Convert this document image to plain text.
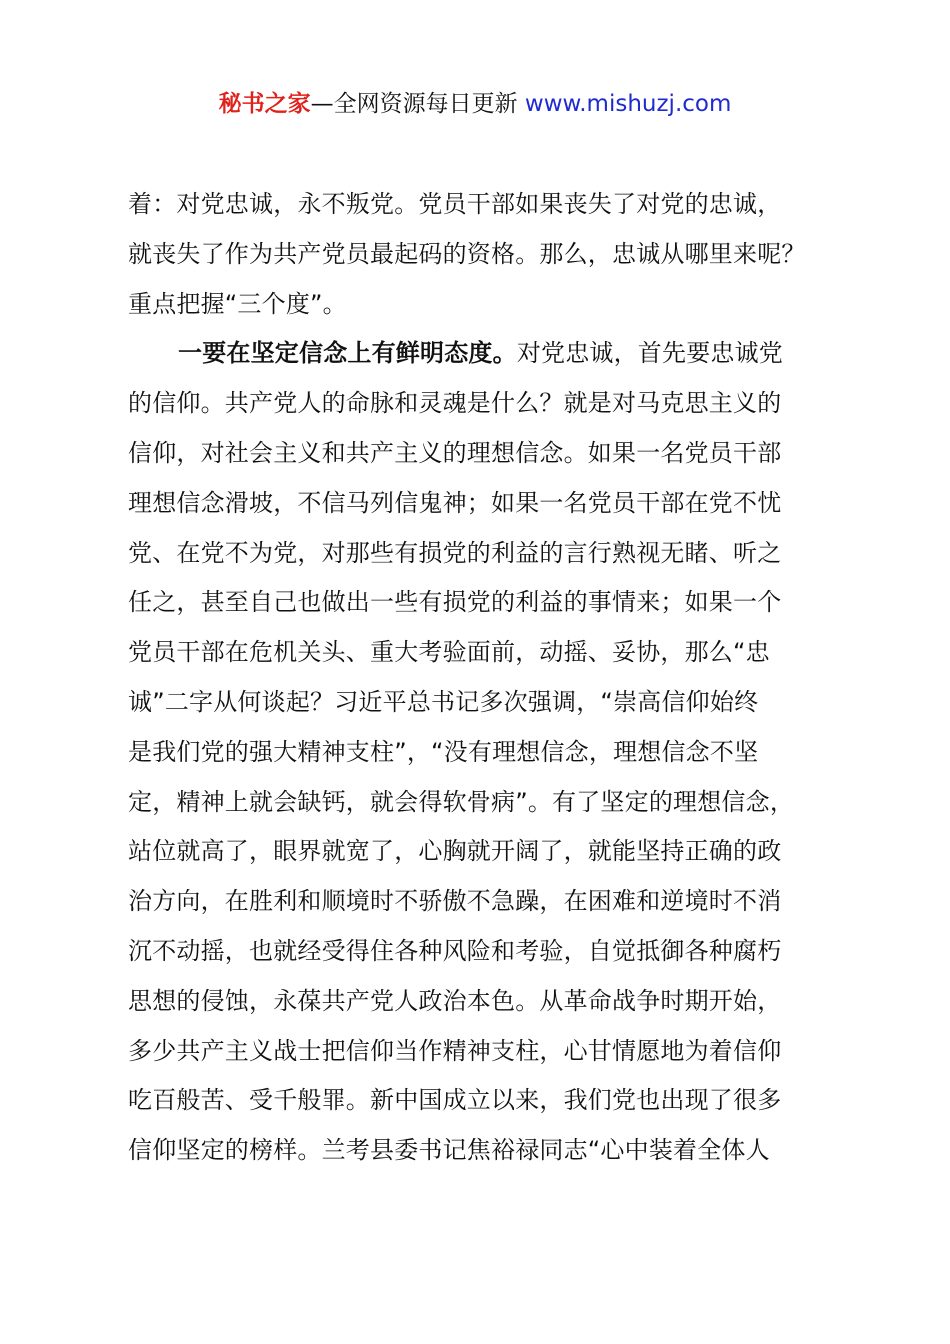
秘书之家—全网资源每日更新 www.mishuzj.com
着：对党忠诚，永不叛党。党员干部如果丧失了对党的忠诚，
就丧失了作为共产党员最起码的资格。那么，忠诚从哪里来呢？
重点把握“三个度”。
一要在坚定信念上有鲜明态度。对党忠诚，首先要忠诚党
的信仰。共产党人的命脉和灵魂是什么？就是对马克思主义的
信仰，对社会主义和共产主义的理想信念。如果一名党员干部
理想信念滑坡，不信马列信鬼神；如果一名党员干部在党不忧
党、在党不为党，对那些有损党的利益的言行熟视无睹、听之
任之，甚至自己也做出一些有损党的利益的事情来；如果一个
党员干部在危机关头、重大考验面前，动摇、妥协，那么“忠
诚”二字从何谈起？习近平总书记多次强调，“崇高信仰始终
是我们党的强大精神支柱”，“没有理想信念，理想信念不坚
定，精神上就会缺钙，就会得软骨病”。有了坚定的理想信念，
站位就高了，眼界就宽了，心胸就开阔了，就能坚持正确的政
治方向，在胜利和顺境时不骄傲不急躁，在困难和逆境时不消
沉不动摇，也就经受得住各种风险和考验，自觉抵御各种腐朽
思想的侵蚀，永葆共产党人政治本色。从革命战争时期开始，
多少共产主义战士把信仰当作精神支柱，心甘情愿地为着信仰
吃百般苦、受千般罪。新中国成立以来，我们党也出现了很多
信仰坚定的榜样。兰考县委书记焦裕禄同志“心中装着全体人
